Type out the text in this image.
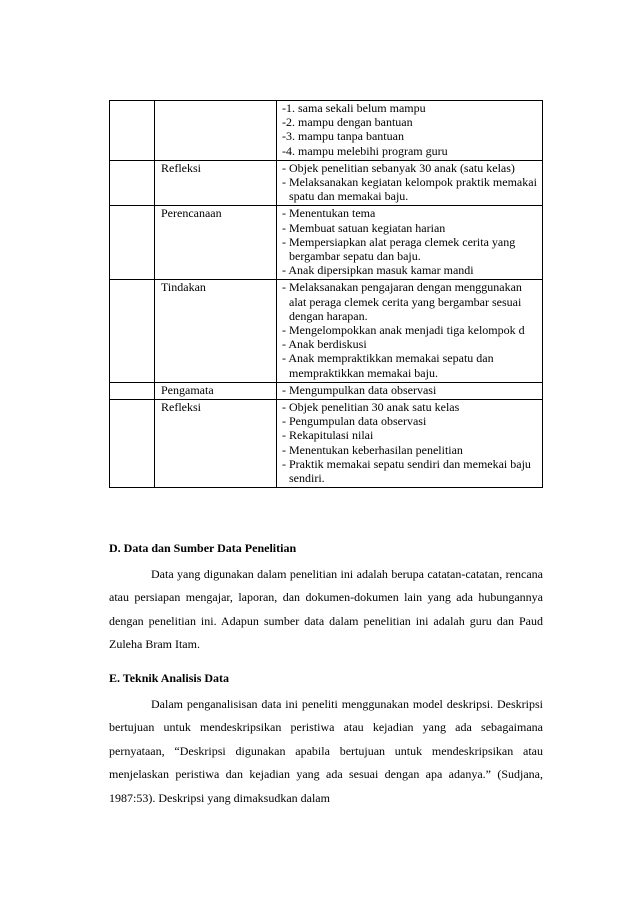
		-1. sama sekali belum mampu
-2. mampu dengan bantuan
-3. mampu tanpa bantuan
-4. mampu melebihi program guru

	Refleksi	- Objek penelitian sebanyak 30 anak (satu kelas)
- Melaksanakan kegiatan kelompok praktik memakai spatu dan memakai baju.

	Perencanaan	- Menentukan tema
- Membuat satuan kegiatan harian
- Mempersiapkan alat peraga clemek cerita yang bergambar sepatu dan baju.
- Anak dipersipkan masuk kamar mandi

	Tindakan	- Melaksanakan pengajaran dengan menggunakan alat peraga clemek cerita yang bergambar sesuai dengan harapan.
- Mengelompokkan anak menjadi tiga kelompok d
- Anak berdiskusi
- Anak mempraktikkan memakai sepatu dan mempraktikkan memakai baju.

	Pengamata	- Mengumpulkan data observasi

	Refleksi	- Objek penelitian 30 anak satu kelas
- Pengumpulan data observasi
- Rekapitulasi nilai
- Menentukan keberhasilan penelitian
- Praktik memakai sepatu sendiri dan memekai baju sendiri.
D. Data dan Sumber Data Penelitian

Data yang digunakan dalam penelitian ini adalah berupa catatan-catatan, rencana atau persiapan mengajar, laporan, dan dokumen-dokumen lain yang ada hubungannya dengan penelitian ini. Adapun sumber data dalam penelitian ini adalah guru dan Paud Zuleha Bram Itam.

E. Teknik Analisis Data

Dalam penganalisisan data ini peneliti menggunakan model deskripsi. Deskripsi bertujuan untuk mendeskripsikan peristiwa atau kejadian yang ada sebagaimana pernyataan, “Deskripsi digunakan apabila bertujuan untuk mendeskripsikan atau menjelaskan peristiwa dan kejadian yang ada sesuai dengan apa adanya.” (Sudjana, 1987:53). Deskripsi yang dimaksudkan dalam
